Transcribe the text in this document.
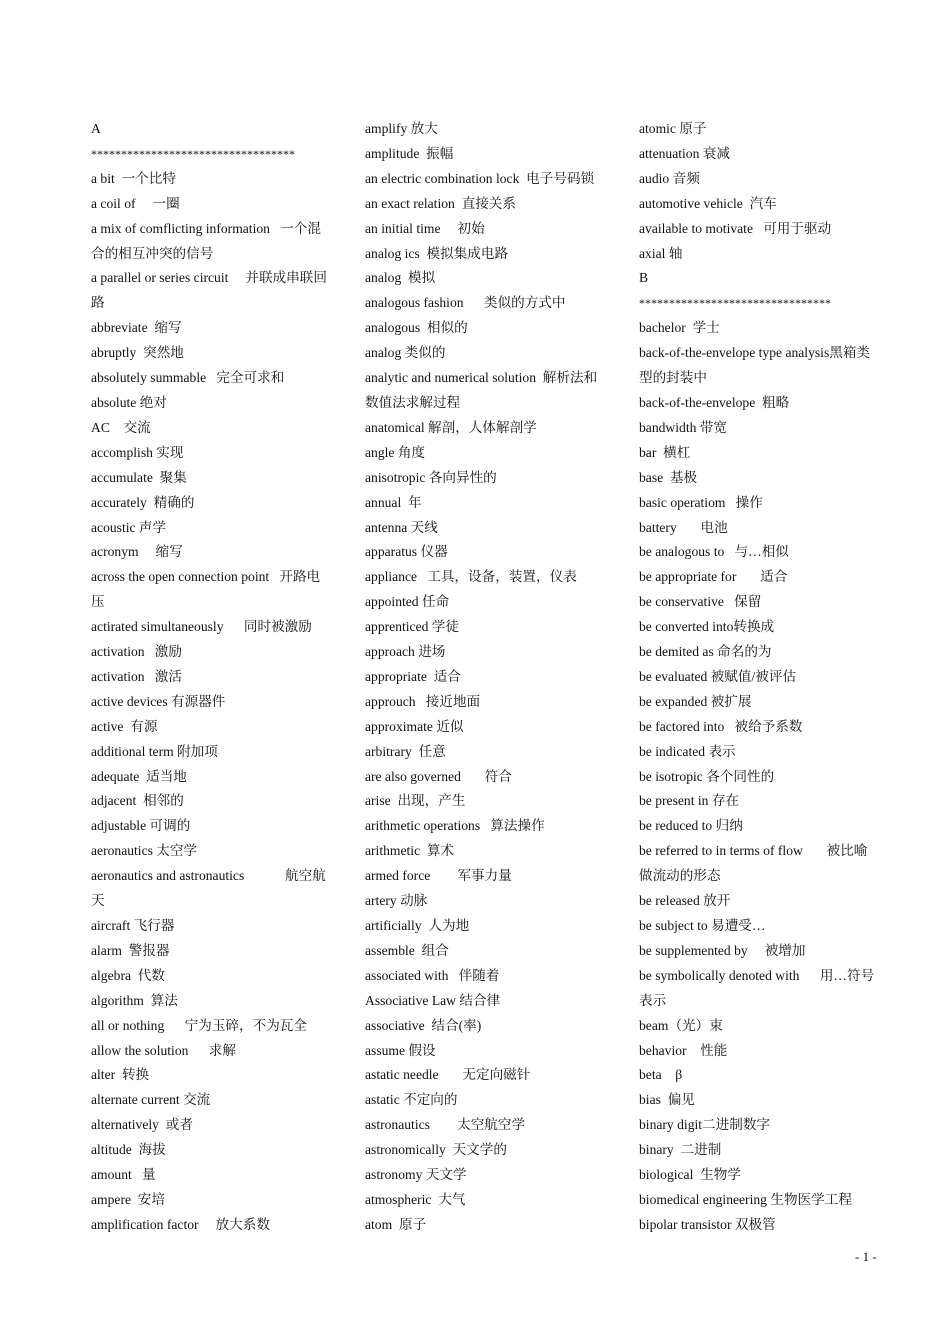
A
**********************************
a bit  一个比特
a coil of     一圈
a mix of comflicting information   一个混合的相互冲突的信号
a parallel or series circuit     并联成串联回路
abbreviate  缩写
abruptly  突然地
absolutely summable   完全可求和
absolute 绝对
AC    交流
accomplish 实现
accumulate  聚集
accurately  精确的
acoustic 声学
acronym     缩写
across the open connection point   开路电压
actirated simultaneously      同时被激励
activation   激励
activation   激活
active devices 有源器件
active  有源
additional term 附加项
adequate  适当地
adjacent  相邻的
adjustable 可调的
aeronautics 太空学
aeronautics and astronautics            航空航天
aircraft 飞行器
alarm  警报器
algebra  代数
algorithm  算法
all or nothing      宁为玉碎，不为瓦全
allow the solution      求解
alter  转换
alternate current 交流
alternatively  或者
altitude  海拔
amount   量
ampere  安培
amplification factor     放大系数
amplify 放大
amplitude  振幅
an electric combination lock  电子号码锁
an exact relation  直接关系
an initial time     初始
analog ics  模拟集成电路
analog  模拟
analogous fashion      类似的方式中
analogous  相似的
analog 类似的
analytic and numerical solution  解析法和数值法求解过程
anatomical 解剖，人体解剖学
angle 角度
anisotropic 各向异性的
annual  年
antenna 天线
apparatus 仪器
appliance   工具，设备，装置，仪表
appointed 任命
apprenticed 学徒
approach 进场
appropriate  适合
approuch   接近地面
approximate 近似
arbitrary  任意
are also governed       符合
arise  出现，产生
arithmetic operations   算法操作
arithmetic  算术
armed force        军事力量
artery 动脉
artificially  人为地
assemble  组合
associated with   伴随着
Associative Law 结合律
associative  结合(率)
assume 假设
astatic needle       无定向磁针
astatic 不定向的
astronautics        太空航空学
astronomically  天文学的
astronomy 天文学
atmospheric  大气
atom  原子
atomic 原子
attenuation 衰减
audio 音频
automotive vehicle  汽车
available to motivate   可用于驱动
axial 轴
B
********************************
bachelor  学士
back-of-the-envelope type analysis黑箱类型的封装中
back-of-the-envelope  粗略
bandwidth 带宽
bar  横杠
base  基极
basic operatiom   操作
battery       电池
be analogous to   与…相似
be appropriate for       适合
be conservative   保留
be converted into转换成
be demited as 命名的为
be evaluated 被赋值/被评估
be expanded 被扩展
be factored into   被给予系数
be indicated 表示
be isotropic 各个同性的
be present in 存在
be reduced to 归纳
be referred to in terms of flow       被比喻做流动的形态
be released 放开
be subject to 易遭受…
be supplemented by     被增加
be symbolically denoted with      用…符号表示
beam（光）束
behavior    性能
beta    β
bias  偏见
binary digit二进制数字
binary  二进制
biological  生物学
biomedical engineering 生物医学工程
bipolar transistor 双极管
- 1 -
